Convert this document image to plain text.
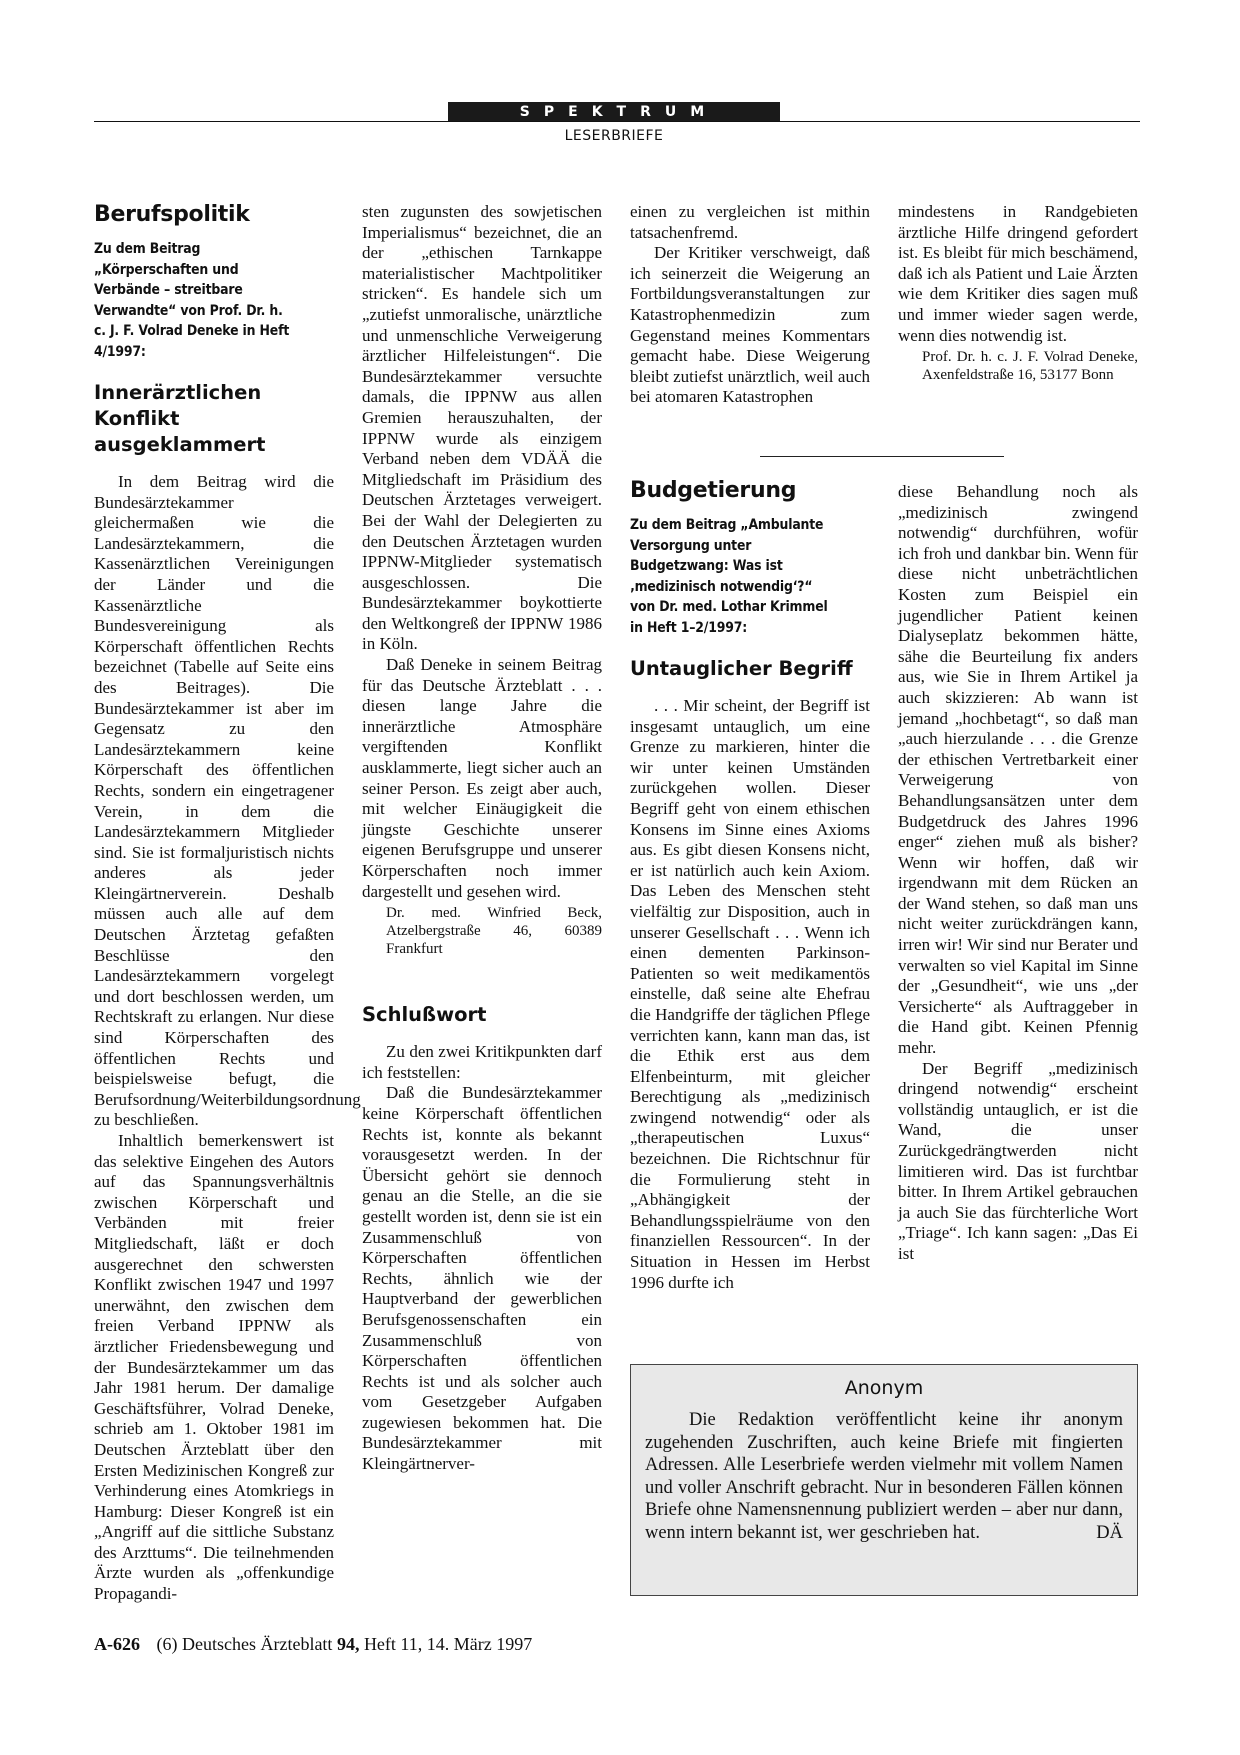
SPEKTRUM
LESERBRIEFE
Berufspolitik
Zu dem Beitrag „Körperschaften und Verbände – streitbare Verwandte“ von Prof. Dr. h. c. J. F. Volrad Deneke in Heft 4/1997:
Innerärztlichen Konflikt ausgeklammert

In dem Beitrag wird die Bundesärztekammer gleichermaßen wie die Landesärztekammern, die Kassenärztlichen Vereinigungen der Länder und die Kassenärztliche Bundesvereinigung als Körperschaft öffentlichen Rechts bezeichnet (Tabelle auf Seite eins des Beitrages). Die Bundesärztekammer ist aber im Gegensatz zu den Landesärztekammern keine Körperschaft des öffentlichen Rechts, sondern ein eingetragener Verein, in dem die Landesärztekammern Mitglieder sind. Sie ist formaljuristisch nichts anderes als jeder Kleingärtnerverein. Deshalb müssen auch alle auf dem Deutschen Ärztetag gefaßten Beschlüsse den Landesärztekammern vorgelegt und dort beschlossen werden, um Rechtskraft zu erlangen. Nur diese sind Körperschaften des öffentlichen Rechts und beispielsweise befugt, die Berufsordnung/Weiterbildungsordnung zu beschließen.

Inhaltlich bemerkenswert ist das selektive Eingehen des Autors auf das Spannungsverhältnis zwischen Körperschaft und Verbänden mit freier Mitgliedschaft, läßt er doch ausgerechnet den schwersten Konflikt zwischen 1947 und 1997 unerwähnt, den zwischen dem freien Verband IPPNW als ärztlicher Friedensbewegung und der Bundesärztekammer um das Jahr 1981 herum. Der damalige Geschäftsführer, Volrad Deneke, schrieb am 1. Oktober 1981 im Deutschen Ärzteblatt über den Ersten Medizinischen Kongreß zur Verhinderung eines Atomkriegs in Hamburg: Dieser Kongreß ist ein „Angriff auf die sittliche Substanz des Arzttums“. Die teilnehmenden Ärzte wurden als „offenkundige Propagandi-

sten zugunsten des sowjetischen Imperialismus“ bezeichnet, die an der „ethischen Tarnkappe materialistischer Machtpolitiker stricken“. Es handele sich um „zutiefst unmoralische, unärztliche und unmenschliche Verweigerung ärztlicher Hilfeleistungen“. Die Bundesärztekammer versuchte damals, die IPPNW aus allen Gremien herauszuhalten, der IPPNW wurde als einzigem Verband neben dem VDÄÄ die Mitgliedschaft im Präsidium des Deutschen Ärztetages verweigert. Bei der Wahl der Delegierten zu den Deutschen Ärztetagen wurden IPPNW-Mitglieder systematisch ausgeschlossen. Die Bundesärztekammer boykottierte den Weltkongreß der IPPNW 1986 in Köln.

Daß Deneke in seinem Beitrag für das Deutsche Ärzteblatt . . . diesen lange Jahre die innerärztliche Atmosphäre vergiftenden Konflikt ausklammerte, liegt sicher auch an seiner Person. Es zeigt aber auch, mit welcher Einäugigkeit die jüngste Geschichte unserer eigenen Berufsgruppe und unserer Körperschaften noch immer dargestellt und gesehen wird.

Dr. med. Winfried Beck, Atzelbergstraße 46, 60389 Frankfurt

Schlußwort

Zu den zwei Kritikpunkten darf ich feststellen:

Daß die Bundesärztekammer keine Körperschaft öffentlichen Rechts ist, konnte als bekannt vorausgesetzt werden. In der Übersicht gehört sie dennoch genau an die Stelle, an die sie gestellt worden ist, denn sie ist ein Zusammenschluß von Körperschaften öffentlichen Rechts, ähnlich wie der Hauptverband der gewerblichen Berufsgenossenschaften ein Zusammenschluß von Körperschaften öffentlichen Rechts ist und als solcher auch vom Gesetzgeber Aufgaben zugewiesen bekommen hat. Die Bundesärztekammer mit Kleingärtnerver-

einen zu vergleichen ist mithin tatsachenfremd.

Der Kritiker verschweigt, daß ich seinerzeit die Weigerung an Fortbildungsveranstaltungen zur Katastrophenmedizin zum Gegenstand meines Kommentars gemacht habe. Diese Weigerung bleibt zutiefst unärztlich, weil auch bei atomaren Katastrophen

Budgetierung
Zu dem Beitrag „Ambulante Versorgung unter Budgetzwang: Was ist ‚medizinisch notwendig‘?“ von Dr. med. Lothar Krimmel in Heft 1–2/1997:
Untauglicher Begriff

. . . Mir scheint, der Begriff ist insgesamt untauglich, um eine Grenze zu markieren, hinter die wir unter keinen Umständen zurückgehen wollen. Dieser Begriff geht von einem ethischen Konsens im Sinne eines Axioms aus. Es gibt diesen Konsens nicht, er ist natürlich auch kein Axiom. Das Leben des Menschen steht vielfältig zur Disposition, auch in unserer Gesellschaft . . . Wenn ich einen dementen Parkinson-Patienten so weit medikamentös einstelle, daß seine alte Ehefrau die Handgriffe der täglichen Pflege verrichten kann, kann man das, ist die Ethik erst aus dem Elfenbeinturm, mit gleicher Berechtigung als „medizinisch zwingend notwendig“ oder als „therapeutischen Luxus“ bezeichnen. Die Richtschnur für die Formulierung steht in „Abhängigkeit der Behandlungsspielräume von den finanziellen Ressourcen“. In der Situation in Hessen im Herbst 1996 durfte ich

mindestens in Randgebieten ärztliche Hilfe dringend gefordert ist. Es bleibt für mich beschämend, daß ich als Patient und Laie Ärzten wie dem Kritiker dies sagen muß und immer wieder sagen werde, wenn dies notwendig ist.

Prof. Dr. h. c. J. F. Volrad Deneke, Axenfeldstraße 16, 53177 Bonn

diese Behandlung noch als „medizinisch zwingend notwendig“ durchführen, wofür ich froh und dankbar bin. Wenn für diese nicht unbeträchtlichen Kosten zum Beispiel ein jugendlicher Patient keinen Dialyseplatz bekommen hätte, sähe die Beurteilung fix anders aus, wie Sie in Ihrem Artikel ja auch skizzieren: Ab wann ist jemand „hochbetagt“, so daß man „auch hierzulande . . . die Grenze der ethischen Vertretbarkeit einer Verweigerung von Behandlungsansätzen unter dem Budgetdruck des Jahres 1996 enger“ ziehen muß als bisher? Wenn wir hoffen, daß wir irgendwann mit dem Rücken an der Wand stehen, so daß man uns nicht weiter zurückdrängen kann, irren wir! Wir sind nur Berater und verwalten so viel Kapital im Sinne der „Gesundheit“, wie uns „der Versicherte“ als Auftraggeber in die Hand gibt. Keinen Pfennig mehr.

Der Begriff „medizinisch dringend notwendig“ erscheint vollständig untauglich, er ist die Wand, die unser Zurückgedrängtwerden nicht limitieren wird. Das ist furchtbar bitter. In Ihrem Artikel gebrauchen ja auch Sie das fürchterliche Wort „Triage“. Ich kann sagen: „Das Ei ist

Anonym

Die Redaktion veröffentlicht keine ihr anonym zugehenden Zuschriften, auch keine Briefe mit fingierten Adressen. Alle Leserbriefe werden vielmehr mit vollem Namen und voller Anschrift gebracht. Nur in besonderen Fällen können Briefe ohne Namensnennung publiziert werden – aber nur dann, wenn intern bekannt ist, wer geschrieben hat.	DÄ

A-626 (6) Deutsches Ärzteblatt 94, Heft 11, 14. März 1997
